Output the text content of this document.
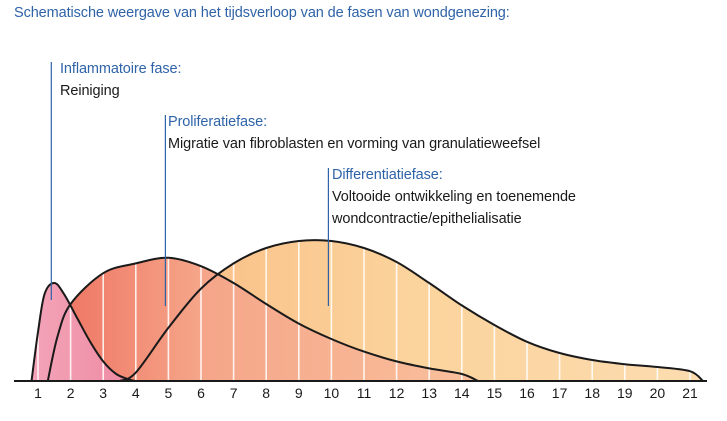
Schematische weergave van het tijdsverloop van de fasen van wondgenezing:
1 2 3 4 5 6 7 8 9 10 11 12 13 14 15 16 17 18 19 20 21
Inflammatoire fase:
Reiniging
Proliferatiefase:
Migratie van fibroblasten en vorming van granulatieweefsel
Differentiatiefase:
Voltooide ontwikkeling en toenemende wondcontractie/epithelialisatie
